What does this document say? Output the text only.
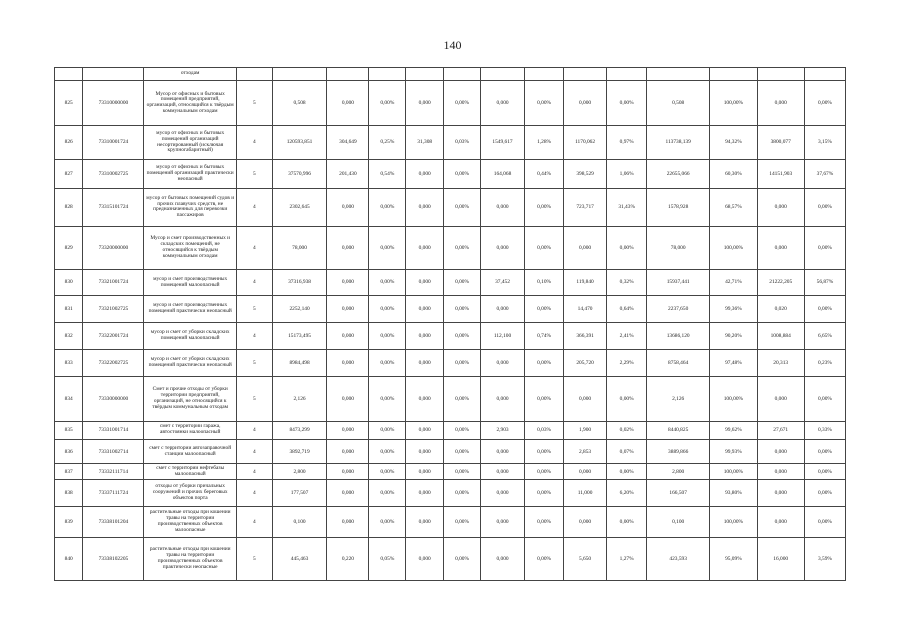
140
		отходам														
825	73310000000	Мусор от офисных и бытовых помещений предприятий, организаций, относящийся к твёрдым коммунальным отходам	5	0,508	0,000	0,00%	0,000	0,00%	0,000	0,00%	0,000	0,00%	0,508	100,00%	0,000	0,00%
826	73310001724	мусор от офисных и бытовых помещений организаций несортированный (исключая крупногабаритный)	4	120593,851	304,649	0,25%	31,308	0,03%	1549,617	1,28%	1170,062	0,97%	113738,139	94,32%	3800,077	3,15%
827	73310002725	мусор от офисных и бытовых помещений организаций практически неопасный	5	37570,996	201,430	0,54%	0,000	0,00%	164,068	0,44%	398,529	1,06%	22655,066	60,30%	14151,903	37,67%
828	73315101724	мусор от бытовых помещений судов и прочих плавучих средств, не предназначенных для перевозки пассажиров	4	2302,645	0,000	0,00%	0,000	0,00%	0,000	0,00%	723,717	31,43%	1578,928	68,57%	0,000	0,00%
829	73320000000	Мусор и смет производственных и складских помещений, не относящийся к твёрдым коммунальным отходам	4	78,000	0,000	0,00%	0,000	0,00%	0,000	0,00%	0,000	0,00%	78,000	100,00%	0,000	0,00%
830	73321001724	мусор и смет производственных помещений малоопасный	4	37316,938	0,000	0,00%	0,000	0,00%	37,452	0,10%	119,840	0,32%	15937,441	42,71%	21222,205	56,87%
831	73321002725	мусор и смет производственных помещений практически неопасный	5	2252,140	0,000	0,00%	0,000	0,00%	0,000	0,00%	14,470	0,64%	2237,650	99,36%	0,020	0,00%
832	73322001724	мусор и смет от уборки складских помещений малоопасный	4	15173,495	0,000	0,00%	0,000	0,00%	112,100	0,74%	366,391	2,41%	13686,120	90,20%	1008,884	6,65%
833	73322002725	мусор и смет от уборки складских помещений практически неопасный	5	8984,498	0,000	0,00%	0,000	0,00%	0,000	0,00%	205,720	2,29%	8758,464	97,48%	20,313	0,23%
834	73330000000	Смет и прочие отходы от уборки территории предприятий, организаций, не относящийся к твёрдым коммунальным отходам	5	2,126	0,000	0,00%	0,000	0,00%	0,000	0,00%	0,000	0,00%	2,126	100,00%	0,000	0,00%
835	73331001714	смет с территории гаража, автостоянки малоопасный	4	8473,299	0,000	0,00%	0,000	0,00%	2,903	0,03%	1,900	0,02%	8440,825	99,62%	27,671	0,33%
836	73331002714	смет с территории автозаправочной станции малоопасный	4	3892,719	0,000	0,00%	0,000	0,00%	0,000	0,00%	2,853	0,07%	3889,866	99,93%	0,000	0,00%
837	73332111714	смет с территории нефтебазы малоопасный	4	2,800	0,000	0,00%	0,000	0,00%	0,000	0,00%	0,000	0,00%	2,800	100,00%	0,000	0,00%
838	73337111724	отходы от уборки причальных сооружений и прочих береговых объектов порта	4	177,507	0,000	0,00%	0,000	0,00%	0,000	0,00%	11,000	6,20%	166,507	93,80%	0,000	0,00%
839	73338101204	растительные отходы при кошении травы на территории производственных объектов малоопасные	4	0,100	0,000	0,00%	0,000	0,00%	0,000	0,00%	0,000	0,00%	0,100	100,00%	0,000	0,00%
840	73338102205	растительные отходы при кошении травы на территории производственных объектов практически неопасные	5	445,463	0,220	0,05%	0,000	0,00%	0,000	0,00%	5,650	1,27%	423,593	95,09%	16,000	3,59%
